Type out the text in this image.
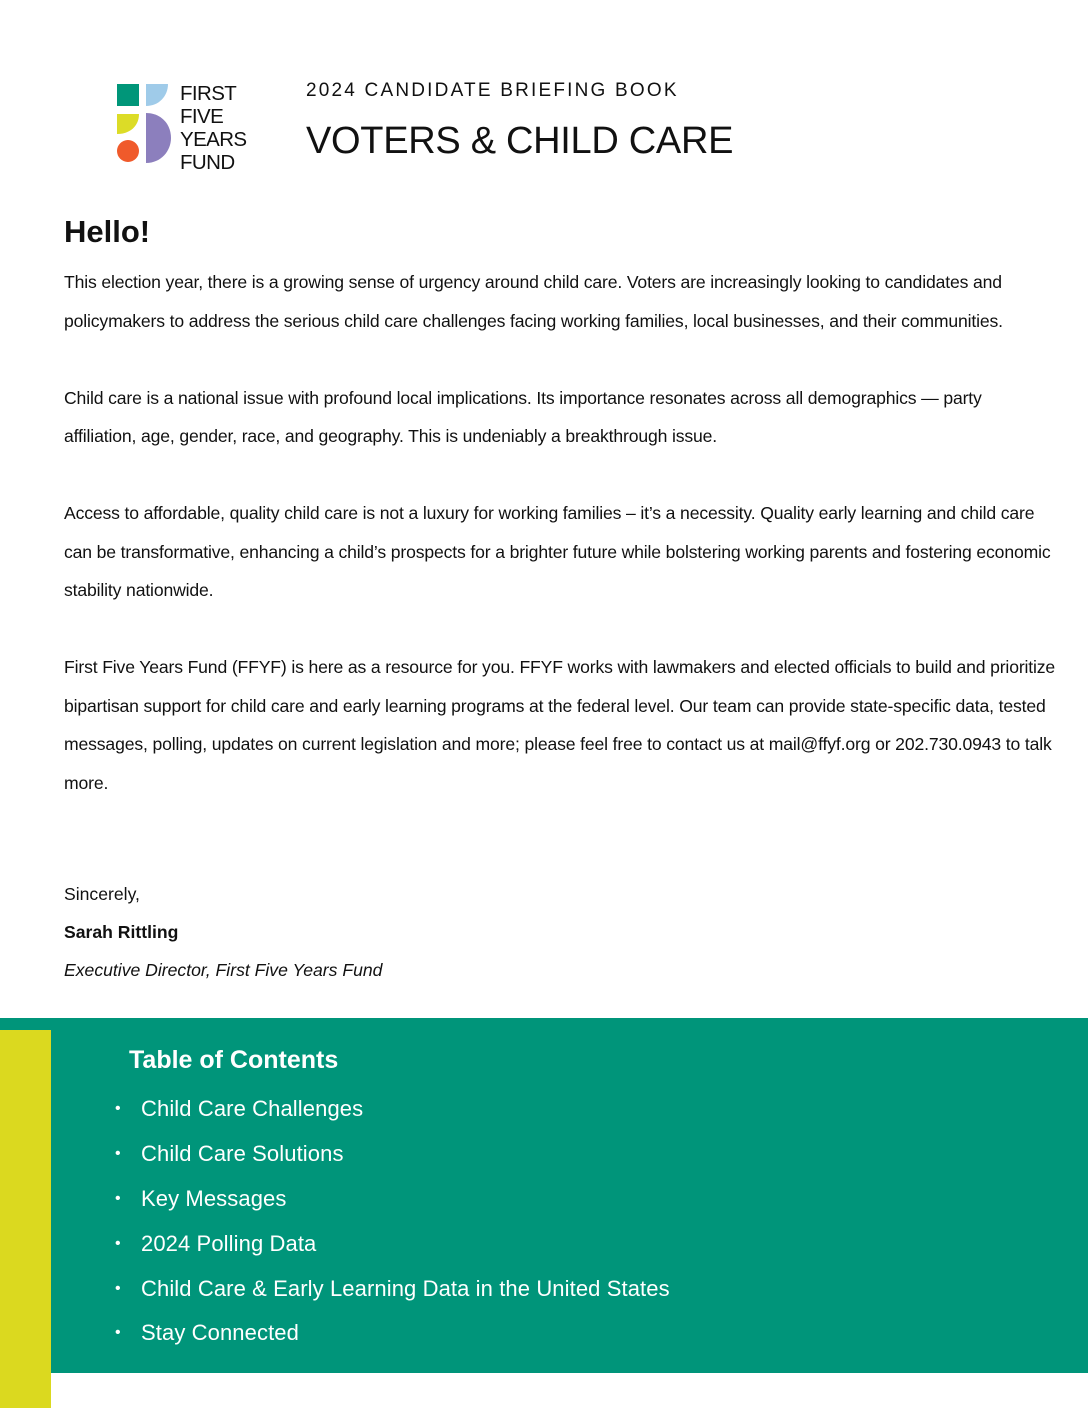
FIRST
FIVE
YEARS
FUND
2024 CANDIDATE BRIEFING BOOK
VOTERS & CHILD CARE
Hello!

This election year, there is a growing sense of urgency around child care. Voters are increasingly looking to candidates and policymakers to address the serious child care challenges facing working families, local businesses, and their communities.

Child care is a national issue with profound local implications. Its importance resonates across all demographics — party affiliation, age, gender, race, and geography. This is undeniably a breakthrough issue.

Access to affordable, quality child care is not a luxury for working families – it’s a necessity. Quality early learning and child care can be transformative, enhancing a child’s prospects for a brighter future while bolstering working parents and fostering economic stability nationwide.

First Five Years Fund (FFYF) is here as a resource for you. FFYF works with lawmakers and elected officials to build and prioritize bipartisan support for child care and early learning programs at the federal level. Our team can provide state-specific data, tested messages, polling, updates on current legislation and more; please feel free to contact us at mail@ffyf.org or 202.730.0943 to talk more.

Sincerely,
Sarah Rittling
Executive Director, First Five Years Fund
Table of Contents
• Child Care Challenges
• Child Care Solutions
• Key Messages
• 2024 Polling Data
• Child Care & Early Learning Data in the United States
• Stay Connected
